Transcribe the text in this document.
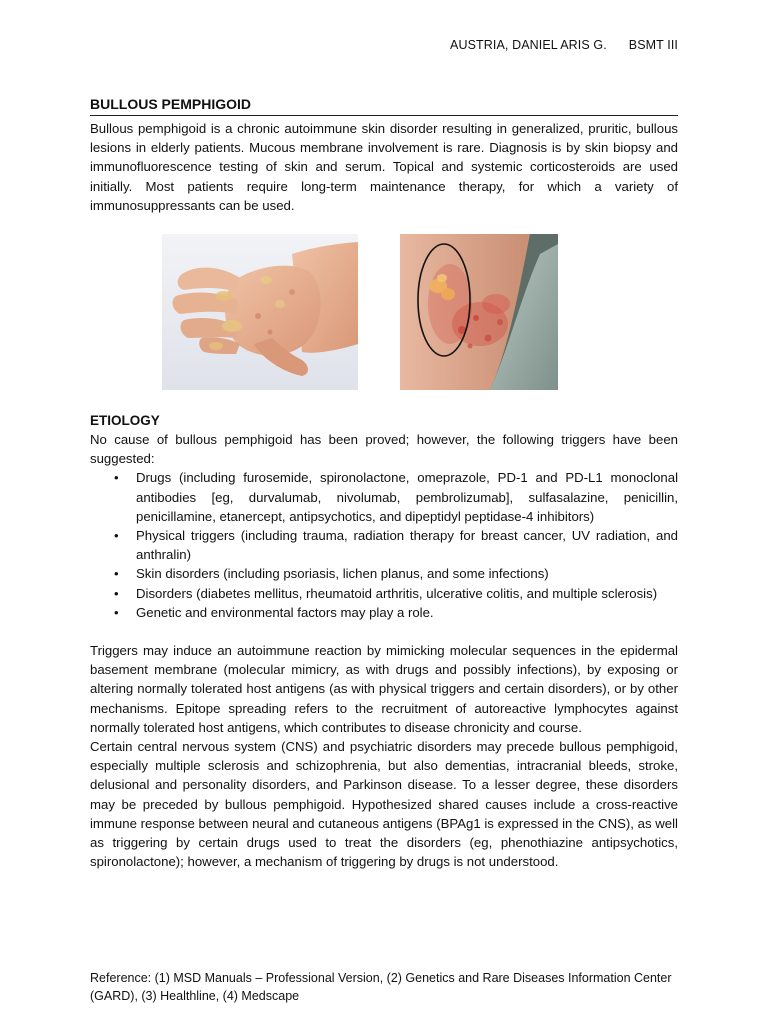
AUSTRIA, DANIEL ARIS G. BSMT III
BULLOUS PEMPHIGOID

Bullous pemphigoid is a chronic autoimmune skin disorder resulting in generalized, pruritic, bullous lesions in elderly patients. Mucous membrane involvement is rare. Diagnosis is by skin biopsy and immunofluorescence testing of skin and serum. Topical and systemic corticosteroids are used initially. Most patients require long-term maintenance therapy, for which a variety of immunosuppressants can be used.

ETIOLOGY

No cause of bullous pemphigoid has been proved; however, the following triggers have been suggested:

• Drugs (including furosemide, spironolactone, omeprazole, PD-1 and PD-L1 monoclonal antibodies [eg, durvalumab, nivolumab, pembrolizumab], sulfasalazine, penicillin, penicillamine, etanercept, antipsychotics, and dipeptidyl peptidase-4 inhibitors)
• Physical triggers (including trauma, radiation therapy for breast cancer, UV radiation, and anthralin)
• Skin disorders (including psoriasis, lichen planus, and some infections)
• Disorders (diabetes mellitus, rheumatoid arthritis, ulcerative colitis, and multiple sclerosis)
• Genetic and environmental factors may play a role.

Triggers may induce an autoimmune reaction by mimicking molecular sequences in the epidermal basement membrane (molecular mimicry, as with drugs and possibly infections), by exposing or altering normally tolerated host antigens (as with physical triggers and certain disorders), or by other mechanisms. Epitope spreading refers to the recruitment of autoreactive lymphocytes against normally tolerated host antigens, which contributes to disease chronicity and course.

Certain central nervous system (CNS) and psychiatric disorders may precede bullous pemphigoid, especially multiple sclerosis and schizophrenia, but also dementias, intracranial bleeds, stroke, delusional and personality disorders, and Parkinson disease. To a lesser degree, these disorders may be preceded by bullous pemphigoid. Hypothesized shared causes include a cross-reactive immune response between neural and cutaneous antigens (BPAg1 is expressed in the CNS), as well as triggering by certain drugs used to treat the disorders (eg, phenothiazine antipsychotics, spironolactone); however, a mechanism of triggering by drugs is not understood.

Reference: (1) MSD Manuals – Professional Version, (2) Genetics and Rare Diseases Information Center (GARD), (3) Healthline, (4) Medscape
